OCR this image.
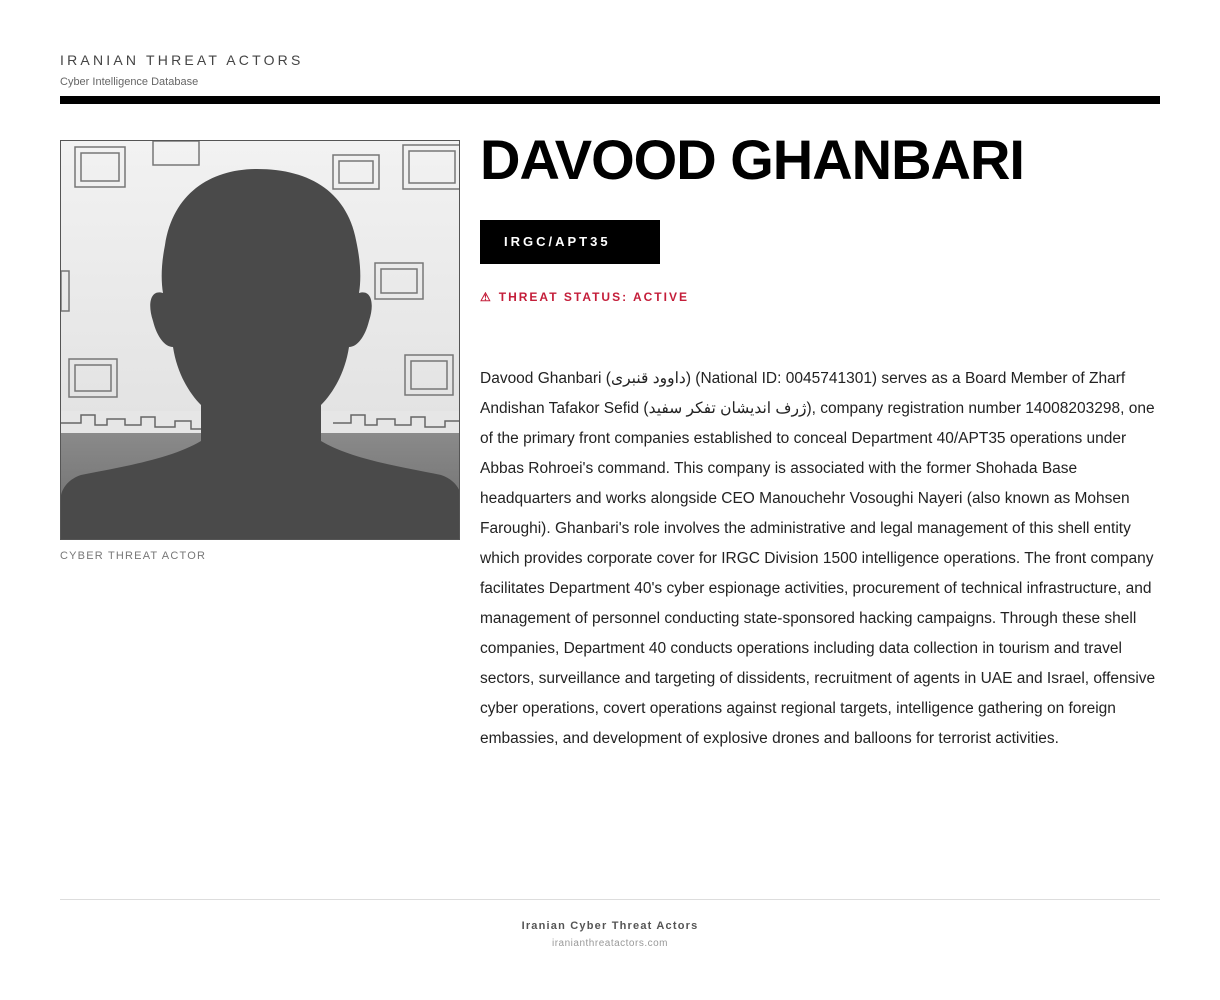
IRANIAN THREAT ACTORS
Cyber Intelligence Database
CYBER THREAT ACTOR
DAVOOD GHANBARI
IRGC/APT35
⚠ THREAT STATUS: ACTIVE

Davood Ghanbari (داوود قنبری) (National ID: 0045741301) serves as a Board Member of Zharf Andishan Tafakor Sefid (ژرف اندیشان تفکر سفید), company registration number 14008203298, one of the primary front companies established to conceal Department 40/APT35 operations under Abbas Rohroei's command. This company is associated with the former Shohada Base headquarters and works alongside CEO Manouchehr Vosoughi Nayeri (also known as Mohsen Faroughi). Ghanbari's role involves the administrative and legal management of this shell entity which provides corporate cover for IRGC Division 1500 intelligence operations. The front company facilitates Department 40's cyber espionage activities, procurement of technical infrastructure, and management of personnel conducting state-sponsored hacking campaigns. Through these shell companies, Department 40 conducts operations including data collection in tourism and travel sectors, surveillance and targeting of dissidents, recruitment of agents in UAE and Israel, offensive cyber operations, covert operations against regional targets, intelligence gathering on foreign embassies, and development of explosive drones and balloons for terrorist activities.

Iranian Cyber Threat Actors
iranianthreatactors.com
